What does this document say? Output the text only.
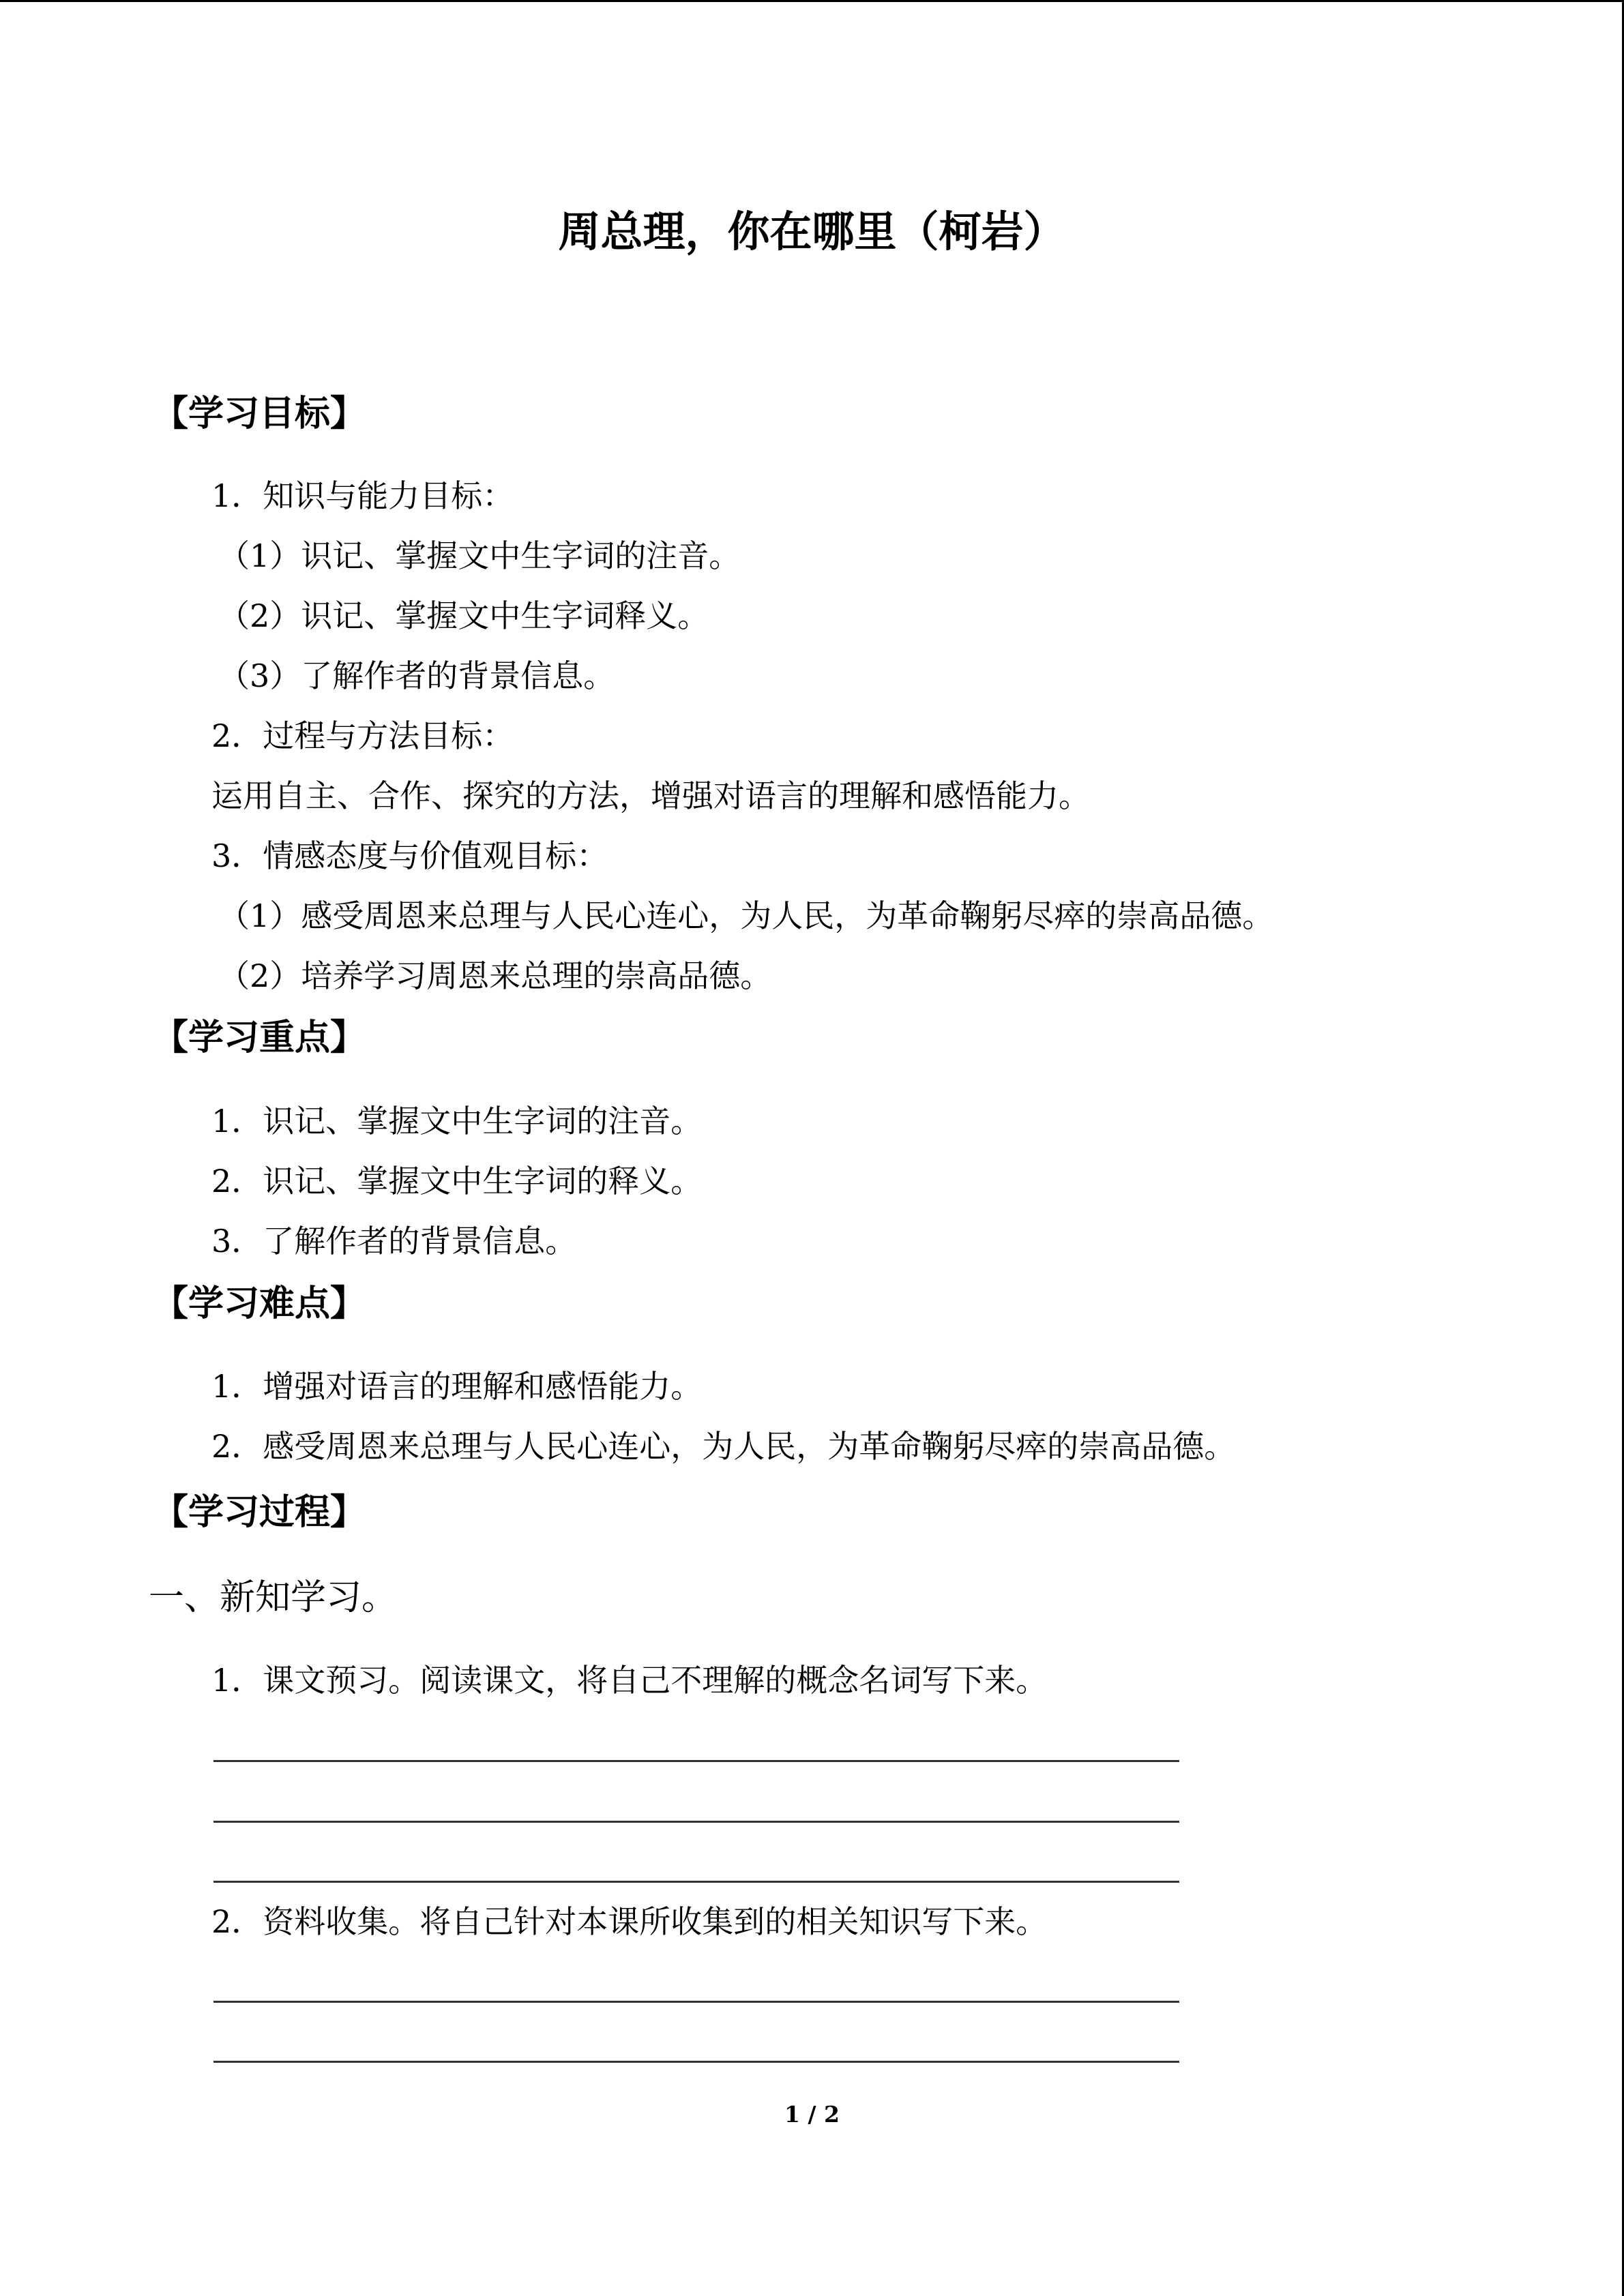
周总理，你在哪里（柯岩）
【学习目标】
1．知识与能力目标：
（1）识记、掌握文中生字词的注音。
（2）识记、掌握文中生字词释义。
（3）了解作者的背景信息。
2．过程与方法目标：
运用自主、合作、探究的方法，增强对语言的理解和感悟能力。
3．情感态度与价值观目标：
（1）感受周恩来总理与人民心连心，为人民，为革命鞠躬尽瘁的崇高品德。
（2）培养学习周恩来总理的崇高品德。
【学习重点】
1．识记、掌握文中生字词的注音。
2．识记、掌握文中生字词的释义。
3．了解作者的背景信息。
【学习难点】
1．增强对语言的理解和感悟能力。
2．感受周恩来总理与人民心连心，为人民，为革命鞠躬尽瘁的崇高品德。
【学习过程】
一、新知学习。
1．课文预习。阅读课文，将自己不理解的概念名词写下来。
2．资料收集。将自己针对本课所收集到的相关知识写下来。
1 / 2
